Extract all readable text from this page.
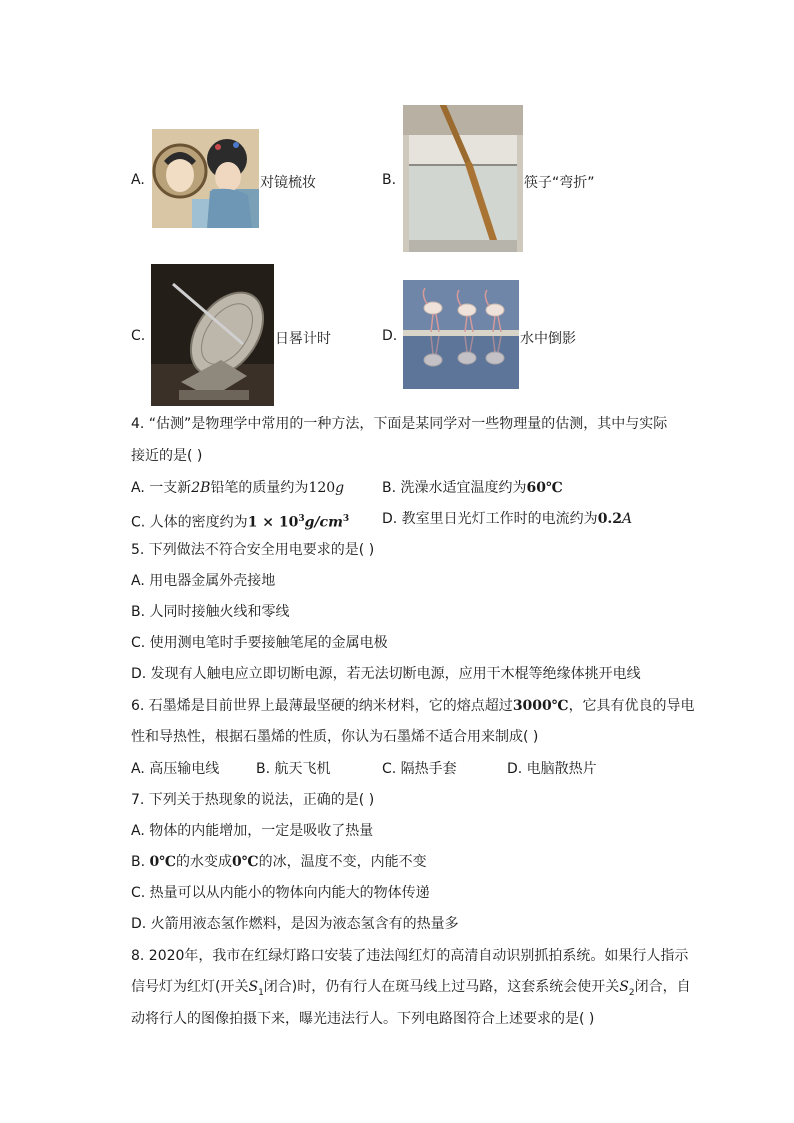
A.	对镜梳妆	B.	筷子“弯折”
C.	日晷计时	D.	水中倒影
4. “估测”是物理学中常用的一种方法，下面是某同学对一些物理量的估测，其中与实际
接近的是( )
A. 一支新2B铅笔的质量约为120g	B. 洗澡水适宜温度约为60℃
C. 人体的密度约为$1 \times 10^3g/cm^3$ D. 教室里日光灯工作时的电流约为0.2A
5. 下列做法不符合安全用电要求的是( )
A. 用电器金属外壳接地
B. 人同时接触火线和零线
C. 使用测电笔时手要接触笔尾的金属电极
D. 发现有人触电应立即切断电源，若无法切断电源，应用干木棍等绝缘体挑开电线
6. 石墨烯是目前世界上最薄最坚硬的纳米材料，它的熔点超过3000℃，它具有优良的导电
性和导热性，根据石墨烯的性质，你认为石墨烯不适合用来制成( )
A. 高压输电线	B. 航天飞机	C. 隔热手套	D. 电脑散热片
7. 下列关于热现象的说法，正确的是( )
A. 物体的内能增加，一定是吸收了热量
B. 0℃的水变成0℃的冰，温度不变，内能不变
C. 热量可以从内能小的物体向内能大的物体传递
D. 火箭用液态氢作燃料，是因为液态氢含有的热量多
8. 2020年，我市在红绿灯路口安装了违法闯红灯的高清自动识别抓拍系统。如果行人指示
信号灯为红灯(开关$S_1$闭合)时，仍有行人在斑马线上过马路，这套系统会使开关$S_2$闭合，自
动将行人的图像拍摄下来，曝光违法行人。下列电路图符合上述要求的是( )
